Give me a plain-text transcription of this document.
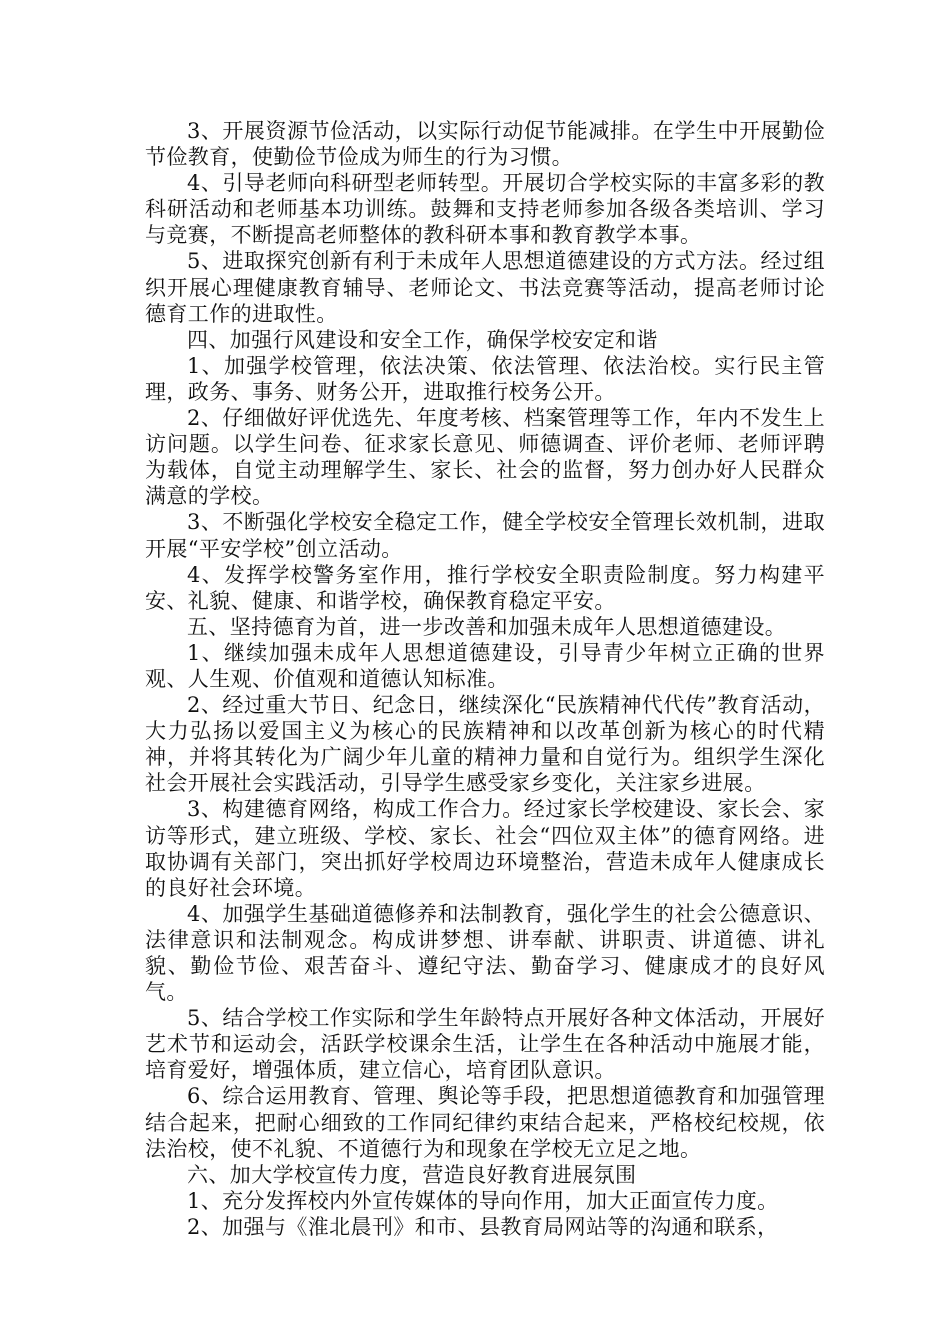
3、开展资源节俭活动，以实际行动促节能减排。在学生中开展勤俭节俭教育，使勤俭节俭成为师生的行为习惯。

4、引导老师向科研型老师转型。开展切合学校实际的丰富多彩的教科研活动和老师基本功训练。鼓舞和支持老师参加各级各类培训、学习与竞赛，不断提高老师整体的教科研本事和教育教学本事。

5、进取探究创新有利于未成年人思想道德建设的方式方法。经过组织开展心理健康教育辅导、老师论文、书法竞赛等活动，提高老师讨论德育工作的进取性。

四、加强行风建设和安全工作，确保学校安定和谐

1、加强学校管理，依法决策、依法管理、依法治校。实行民主管理，政务、事务、财务公开，进取推行校务公开。

2、仔细做好评优选先、年度考核、档案管理等工作，年内不发生上访问题。以学生问卷、征求家长意见、师德调查、评价老师、老师评聘为载体，自觉主动理解学生、家长、社会的监督，努力创办好人民群众满意的学校。

3、不断强化学校安全稳定工作，健全学校安全管理长效机制，进取开展“平安学校”创立活动。

4、发挥学校警务室作用，推行学校安全职责险制度。努力构建平安、礼貌、健康、和谐学校，确保教育稳定平安。

五、坚持德育为首，进一步改善和加强未成年人思想道德建设。

1、继续加强未成年人思想道德建设，引导青少年树立正确的世界观、人生观、价值观和道德认知标准。

2、经过重大节日、纪念日，继续深化“民族精神代代传”教育活动，大力弘扬以爱国主义为核心的民族精神和以改革创新为核心的时代精神，并将其转化为广阔少年儿童的精神力量和自觉行为。组织学生深化社会开展社会实践活动，引导学生感受家乡变化，关注家乡进展。

3、构建德育网络，构成工作合力。经过家长学校建设、家长会、家访等形式，建立班级、学校、家长、社会“四位双主体”的德育网络。进取协调有关部门，突出抓好学校周边环境整治，营造未成年人健康成长的良好社会环境。

4、加强学生基础道德修养和法制教育，强化学生的社会公德意识、法律意识和法制观念。构成讲梦想、讲奉献、讲职责、讲道德、讲礼貌、勤俭节俭、艰苦奋斗、遵纪守法、勤奋学习、健康成才的良好风气。

5、结合学校工作实际和学生年龄特点开展好各种文体活动，开展好艺术节和运动会，活跃学校课余生活，让学生在各种活动中施展才能，培育爱好，增强体质，建立信心，培育团队意识。

6、综合运用教育、管理、舆论等手段，把思想道德教育和加强管理结合起来，把耐心细致的工作同纪律约束结合起来，严格校纪校规，依法治校，使不礼貌、不道德行为和现象在学校无立足之地。

六、加大学校宣传力度，营造良好教育进展氛围

1、充分发挥校内外宣传媒体的导向作用，加大正面宣传力度。

2、加强与《淮北晨刊》和市、县教育局网站等的沟通和联系，
